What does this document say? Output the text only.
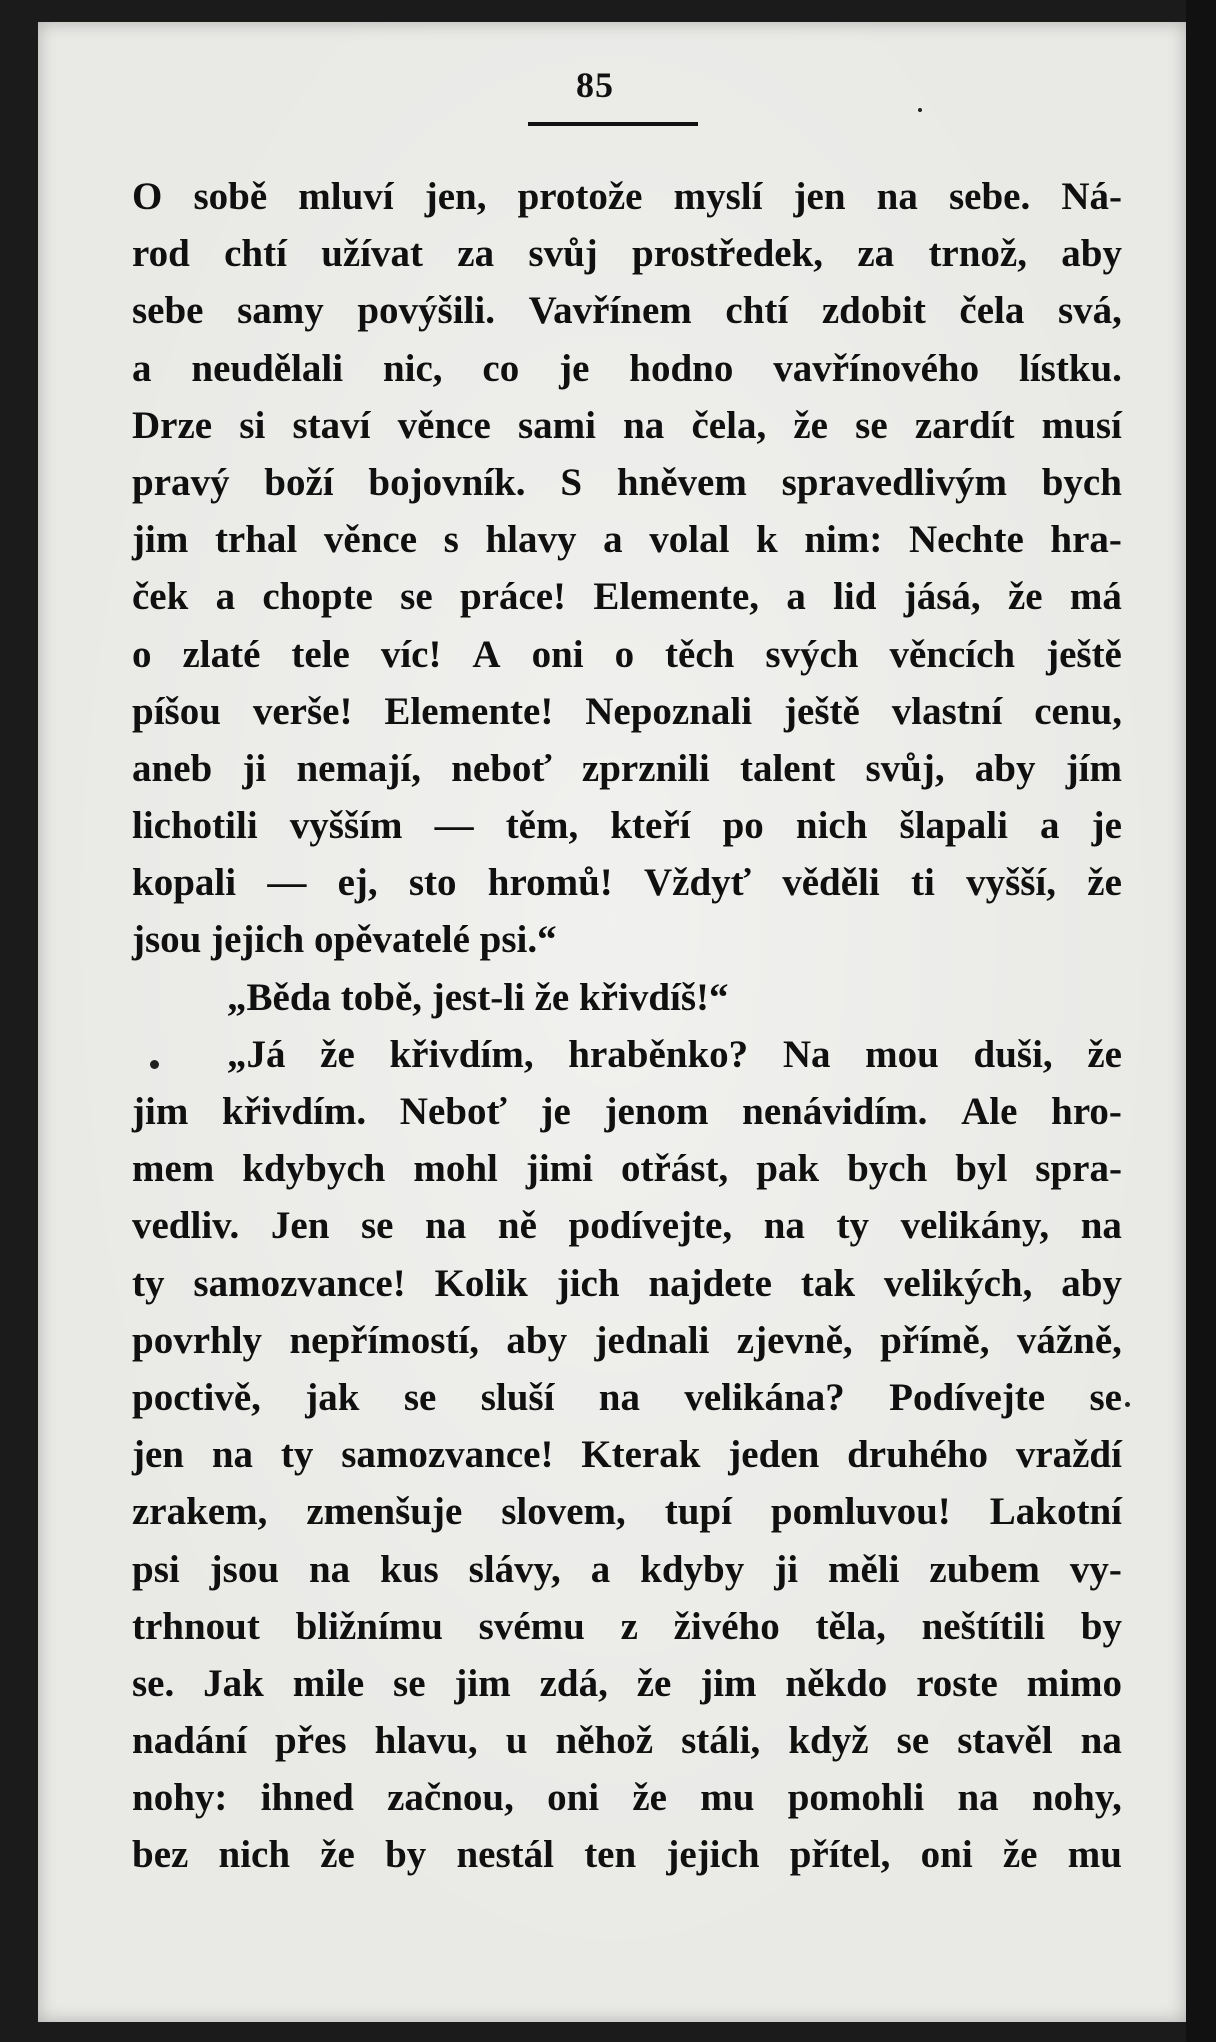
85
O sobě mluví jen, protože myslí jen na sebe. Ná-
rod chtí užívat za svůj prostředek, za trnož, aby
sebe samy povýšili. Vavřínem chtí zdobit čela svá,
a neudělali nic, co je hodno vavřínového lístku.
Drze si staví věnce sami na čela, že se zardít musí
pravý boží bojovník. S hněvem spravedlivým bych
jim trhal věnce s hlavy a volal k nim: Nechte hra-
ček a chopte se práce! Elemente, a lid jásá, že má
o zlaté tele víc! A oni o těch svých věncích ještě
píšou verše! Elemente! Nepoznali ještě vlastní cenu,
aneb ji nemají, neboť zprznili talent svůj, aby jím
lichotili vyšším — těm, kteří po nich šlapali a je
kopali — ej, sto hromů! Vždyť věděli ti vyšší, že
jsou jejich opěvatelé psi.“
„Běda tobě, jest-li že křivdíš!“
„Já že křivdím, hraběnko? Na mou duši, že
jim křivdím. Neboť je jenom nenávidím. Ale hro-
mem kdybych mohl jimi otřást, pak bych byl spra-
vedliv. Jen se na ně podívejte, na ty velikány, na
ty samozvance! Kolik jich najdete tak velikých, aby
povrhly nepřímostí, aby jednali zjevně, přímě, vážně,
poctivě, jak se sluší na velikána? Podívejte se
jen na ty samozvance! Kterak jeden druhého vraždí
zrakem, zmenšuje slovem, tupí pomluvou! Lakotní
psi jsou na kus slávy, a kdyby ji měli zubem vy-
trhnout bližnímu svému z živého těla, neštítili by
se. Jak mile se jim zdá, že jim někdo roste mimo
nadání přes hlavu, u něhož stáli, když se stavěl na
nohy: ihned začnou, oni že mu pomohli na nohy,
bez nich že by nestál ten jejich přítel, oni že mu
